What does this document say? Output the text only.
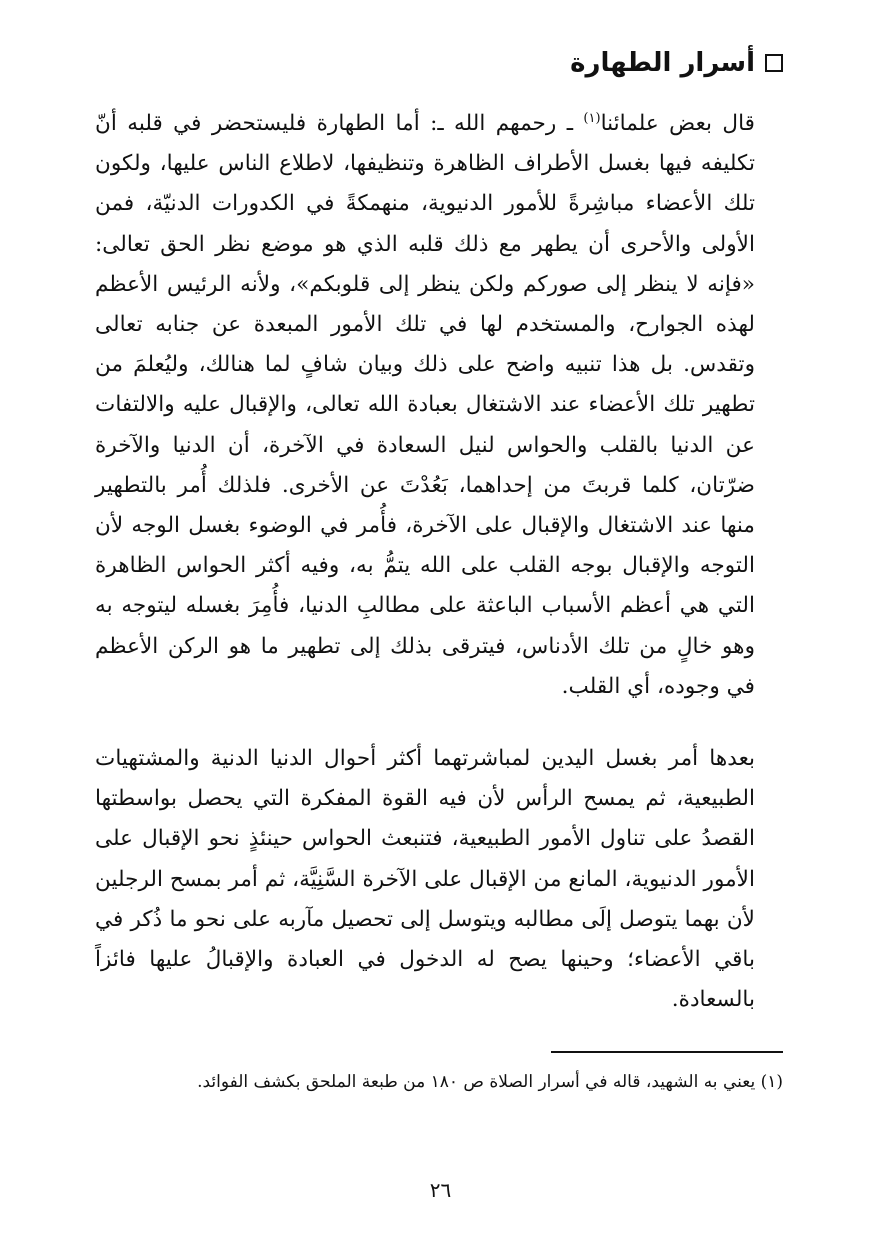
أسرار الطهارة

قال بعض علمائنا$^{(١)}$ ـ رحمهم الله ـ: أما الطهارة فليستحضر في قلبه أنّ تكليفه فيها بغسل الأطراف الظاهرة وتنظيفها، لاطلاع الناس عليها، ولكون تلك الأعضاء مباشِرةً للأمور الدنيوية، منهمكةً في الكدورات الدنيّة، فمن الأولى والأحرى أن يطهر مع ذلك قلبه الذي هو موضع نظر الحق تعالى: «فإنه لا ينظر إلى صوركم ولكن ينظر إلى قلوبكم»، ولأنه الرئيس الأعظم لهذه الجوارح، والمستخدم لها في تلك الأمور المبعدة عن جنابه تعالى وتقدس. بل هذا تنبيه واضح على ذلك وبيان شافٍ لما هنالك، وليُعلمَ من تطهير تلك الأعضاء عند الاشتغال بعبادة الله تعالى، والإقبال عليه والالتفات عن الدنيا بالقلب والحواس لنيل السعادة في الآخرة، أن الدنيا والآخرة ضرّتان، كلما قربتَ من إحداهما، بَعُدْتَ عن الأخرى. فلذلك أُمر بالتطهير منها عند الاشتغال والإقبال على الآخرة، فأُمر في الوضوء بغسل الوجه لأن التوجه والإقبال بوجه القلب على الله يتمُّ به، وفيه أكثر الحواس الظاهرة التي هي أعظم الأسباب الباعثة على مطالبِ الدنيا، فأُمِرَ بغسله ليتوجه به وهو خالٍ من تلك الأدناس، فيترقى بذلك إلى تطهير ما هو الركن الأعظم في وجوده، أي القلب.

بعدها أمر بغسل اليدين لمباشرتهما أكثر أحوال الدنيا الدنية والمشتهيات الطبيعية، ثم يمسح الرأس لأن فيه القوة المفكرة التي يحصل بواسطتها القصدُ على تناول الأمور الطبيعية، فتنبعث الحواس حينئذٍ نحو الإقبال على الأمور الدنيوية، المانع من الإقبال على الآخرة السَّنِيَّة، ثم أمر بمسح الرجلين لأن بهما يتوصل إلَى مطالبه ويتوسل إلى تحصيل مآربه على نحو ما ذُكر في باقي الأعضاء؛ وحينها يصح له الدخول في العبادة والإقبالُ عليها فائزاً بالسعادة.

(١) يعني به الشهيد، قاله في أسرار الصلاة ص ١٨٠ من طبعة الملحق بكشف الفوائد.

٢٦
